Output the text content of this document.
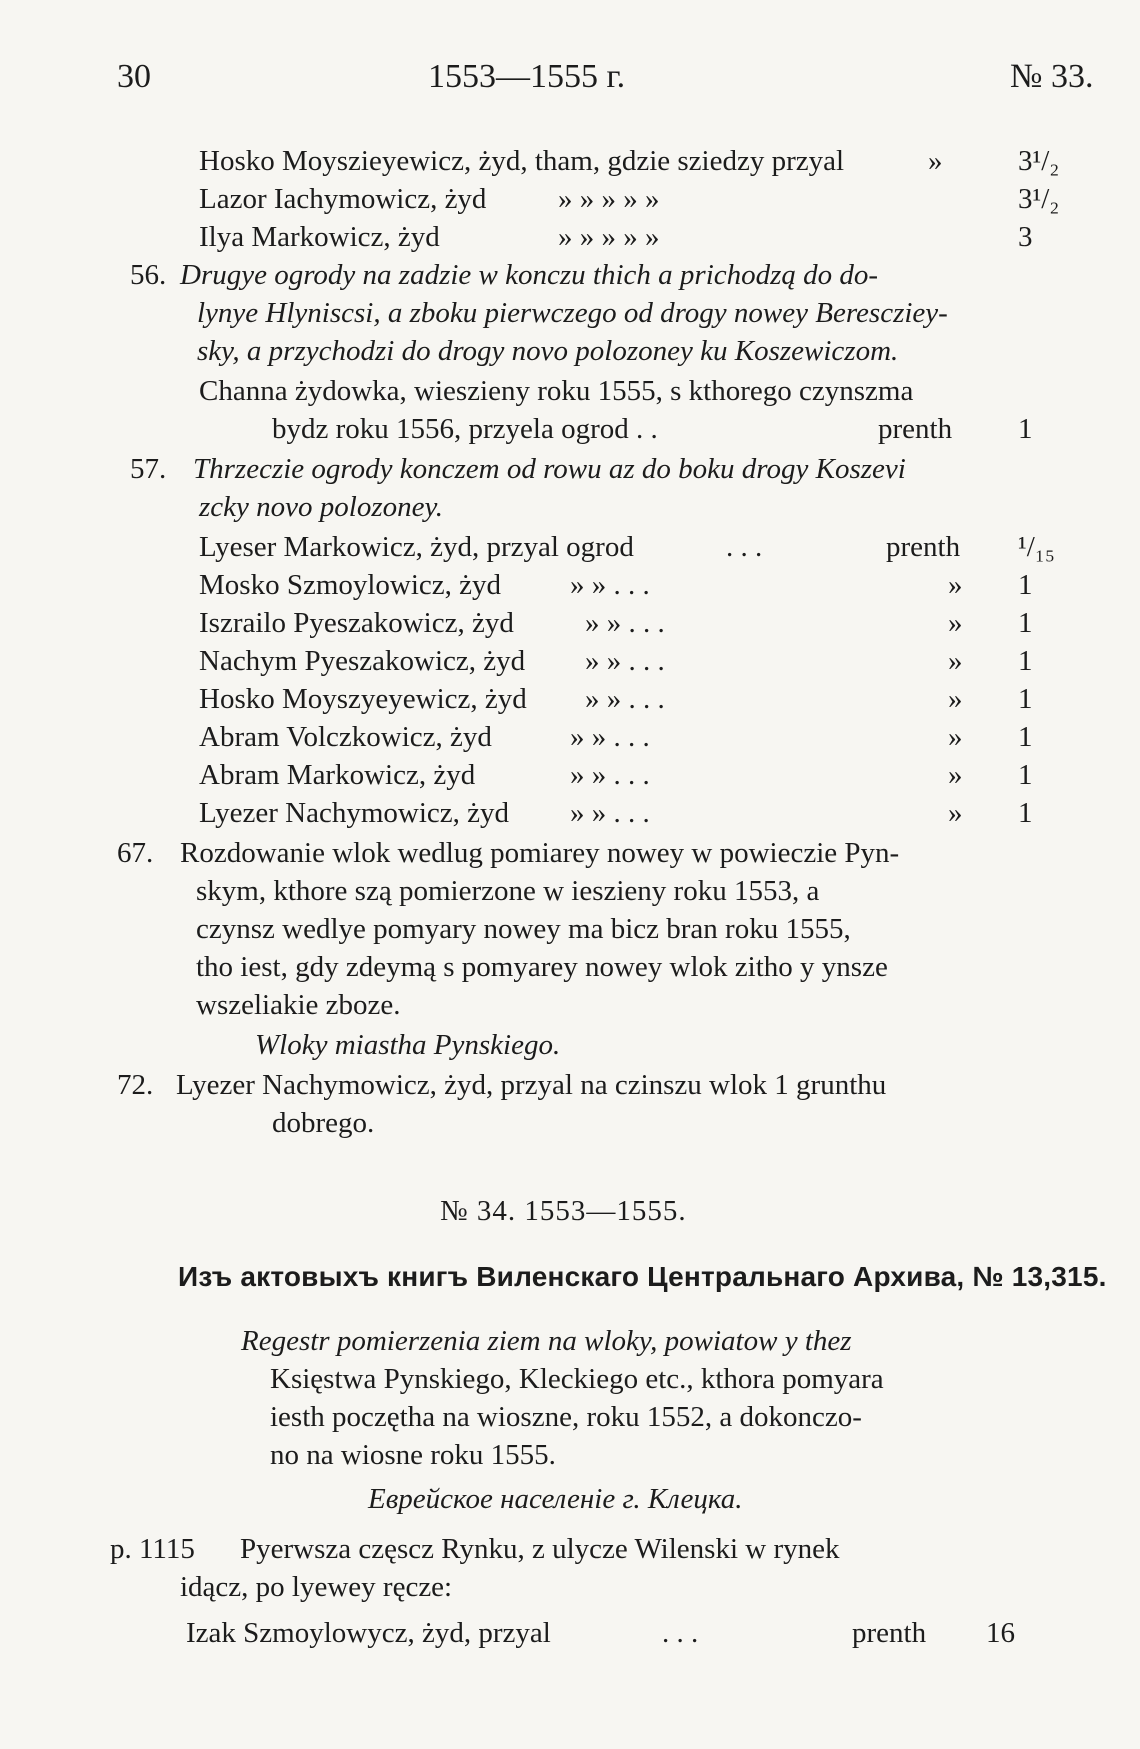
30	1553—1555 г.	№ 33.
Hosko Moyszieyewicz, żyd, tham, gdzie sziedzy przyal	»	3¹/₂
Lazor Iachymowicz, żyd » » » » »	3¹/₂
Ilya Markowicz, żyd	» » » » »	3
56. Drugye ogrody na zadzie w konczu thich a prichodzą do do-
lynye Hlyniscsi, a zboku pierwczego od drogy nowey Beresczieу-
sky, a przychodzi do drogy novo polozoney ku Koszewiczom.
Channa żydowka, wieszieny roku 1555, s kthorego czynszma
bydz roku 1556, przyela ogrod . .	prenth 1
57. Thrzeczie ogrody konczem od rowu az do boku drogy Koszevi
zcky novo polozoney.
Lyeser Markowicz, żyd, przyal ogrod	. . .	prenth ¹/₁₅
Mosko Szmoylowicz, żyd » » . . .	» 1
Iszrailo Pyeszakowicz, żyd » » . . .	» 1
Nachym Pyeszakowicz, żyd » » . . .	» 1
Hosko Moyszyeyewicz, żyd » » . . .	» 1
Abram Volczkowicz, żyd	» » . . .	» 1
Abram Markowicz, żyd	» » . . .	» 1
Lyezer Nachymowicz, żyd » » . . .	» 1
67. Rozdowanie wlok wedlug pomiarey nowey w powieczie Pyn-
skym, kthore szą pomierzone w ieszieny roku 1553, a
czynsz wedlye pomyary nowey ma bicz bran roku 1555,
tho iest, gdy zdeymą s pomyarey nowey wlok zitho y ynsze
wszeliakie zboze.
Wloky miastha Pynskiego.
72. Lyezer Nachymowicz, żyd, przyal na czinszu wlok 1 grunthu
dobrego.
№ 34. 1553—1555.
Изъ актовыхъ книгъ Виленскаго Центральнаго Архива, № 13,315.
Regestr pomierzenia ziem na wloky, powiatow y thez
Księstwa Pynskiego, Kleckiego etc., kthora pomyara
iesth poczętha na wioszne, roku 1552, a dokonczo-
no na wiosne roku 1555.
Еврейское населеніе г. Клецка.
p. 1115 Pyerwsza częscz Rynku, z ulycze Wilenski w rynek
idącz, po lyewey ręcze:
Izak Szmoylowycz, żyd, przyal	. . .	prenth 16
